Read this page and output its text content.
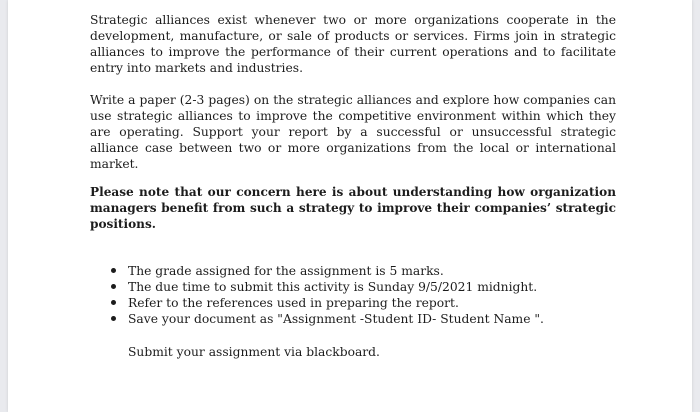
Strategic alliances exist whenever two or more organizations cooperate in the development, manufacture, or sale of products or services. Firms join in strategic alliances to improve the performance of their current operations and to facilitate entry into markets and industries.

Write a paper (2-3 pages) on the strategic alliances and explore how companies can use strategic alliances to improve the competitive environment within which they are operating. Support your report by a successful or unsuccessful strategic alliance case between two or more organizations from the local or international market.

Please note that our concern here is about understanding how organization managers benefit from such a strategy to improve their companies’ strategic positions.

The grade assigned for the assignment is 5 marks.
The due time to submit this activity is Sunday 9/5/2021 midnight.
Refer to the references used in preparing the report.
Save your document as "Assignment -Student ID- Student Name ".

Submit your assignment via blackboard.
